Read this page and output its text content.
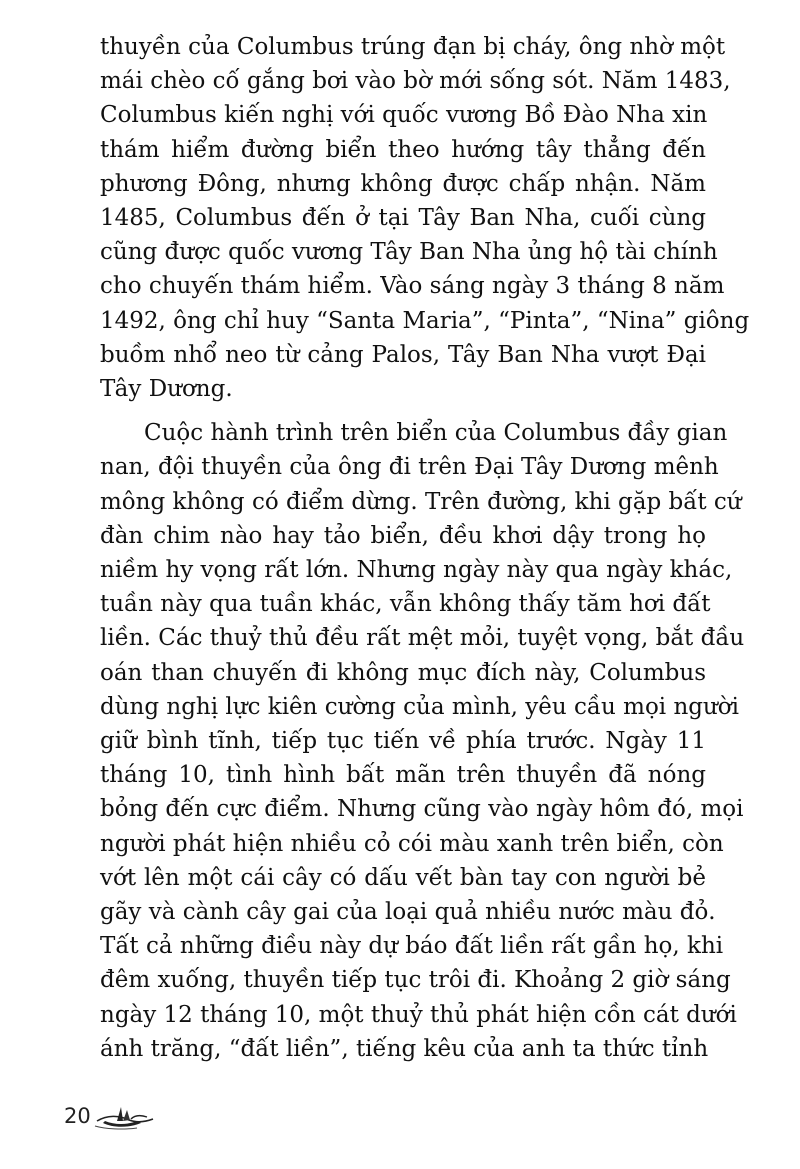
thuyền của Columbus trúng đạn bị cháy, ông nhờ một
mái chèo cố gắng bơi vào bờ mới sống sót. Năm 1483,
Columbus kiến nghị với quốc vương Bồ Đào Nha xin
thám hiểm đường biển theo hướng tây thẳng đến
phương Đông, nhưng không được chấp nhận. Năm
1485, Columbus đến ở tại Tây Ban Nha, cuối cùng
cũng được quốc vương Tây Ban Nha ủng hộ tài chính
cho chuyến thám hiểm. Vào sáng ngày 3 tháng 8 năm
1492, ông chỉ huy “Santa Maria”, “Pinta”, “Nina” giông
buồm nhổ neo từ cảng Palos, Tây Ban Nha vượt Đại
Tây Dương.

Cuộc hành trình trên biển của Columbus đầy gian
nan, đội thuyền của ông đi trên Đại Tây Dương mênh
mông không có điểm dừng. Trên đường, khi gặp bất cứ
đàn chim nào hay tảo biển, đều khơi dậy trong họ
niềm hy vọng rất lớn. Nhưng ngày này qua ngày khác,
tuần này qua tuần khác, vẫn không thấy tăm hơi đất
liền. Các thuỷ thủ đều rất mệt mỏi, tuyệt vọng, bắt đầu
oán than chuyến đi không mục đích này, Columbus
dùng nghị lực kiên cường của mình, yêu cầu mọi người
giữ bình tĩnh, tiếp tục tiến về phía trước. Ngày 11
tháng 10, tình hình bất mãn trên thuyền đã nóng
bỏng đến cực điểm. Nhưng cũng vào ngày hôm đó, mọi
người phát hiện nhiều cỏ cói màu xanh trên biển, còn
vớt lên một cái cây có dấu vết bàn tay con người bẻ
gãy và cành cây gai của loại quả nhiều nước màu đỏ.
Tất cả những điều này dự báo đất liền rất gần họ, khi
đêm xuống, thuyền tiếp tục trôi đi. Khoảng 2 giờ sáng
ngày 12 tháng 10, một thuỷ thủ phát hiện cồn cát dưới
ánh trăng, “đất liền”, tiếng kêu của anh ta thức tỉnh

20
